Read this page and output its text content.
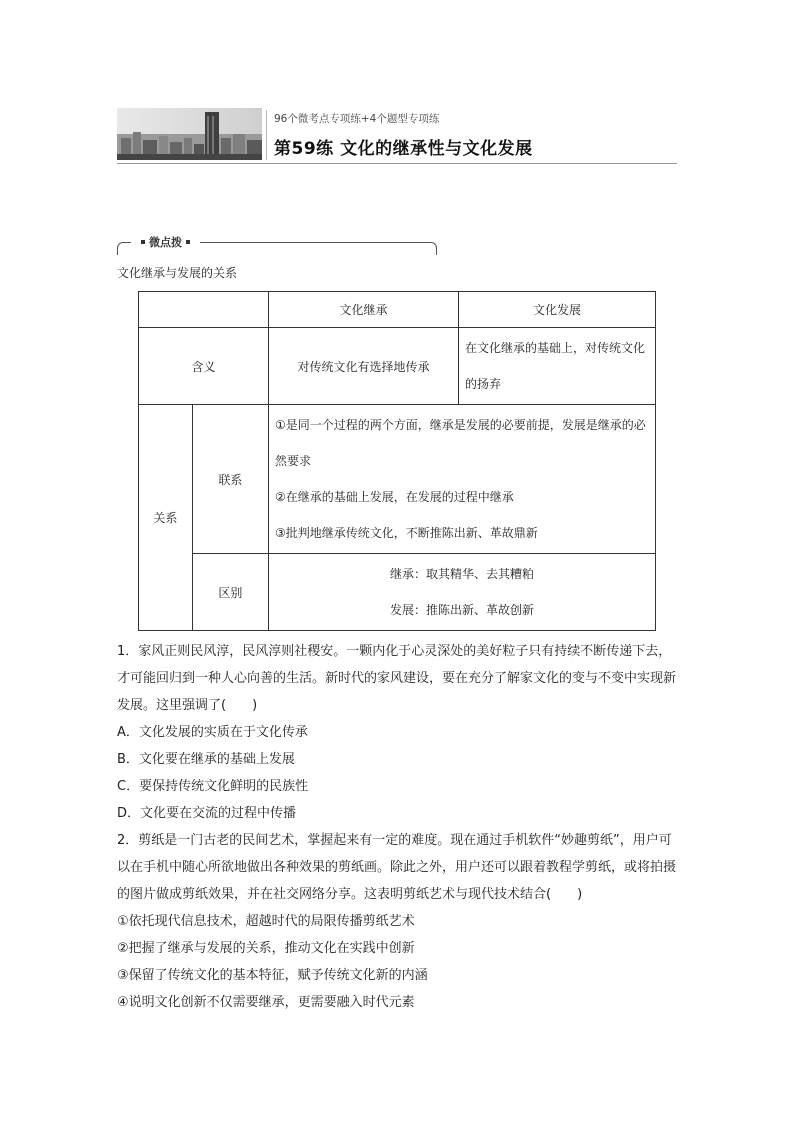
96个微考点专项练+4个题型专项练
第59练 文化的继承性与文化发展
微点拨
文化继承与发展的关系
		文化继承	文化发展
含义		对传统文化有选择地传承	在文化继承的基础上，对传统文化的扬弃
关系	联系	①是同一个过程的两个方面，继承是发展的必要前提，发展是继承的必然要求
②在继承的基础上发展，在发展的过程中继承
③批判地继承传统文化，不断推陈出新、革故鼎新	

	区别	继承：取其精华、去其糟粕
发展：推陈出新、革故创新	

1．家风正则民风淳，民风淳则社稷安。一颗内化于心灵深处的美好粒子只有持续不断传递下去，才可能回归到一种人心向善的生活。新时代的家风建设，要在充分了解家文化的变与不变中实现新发展。这里强调了(　　)

A．文化发展的实质在于文化传承

B．文化要在继承的基础上发展

C．要保持传统文化鲜明的民族性

D．文化要在交流的过程中传播

2．剪纸是一门古老的民间艺术，掌握起来有一定的难度。现在通过手机软件“妙趣剪纸”，用户可以在手机中随心所欲地做出各种效果的剪纸画。除此之外，用户还可以跟着教程学剪纸，或将拍摄的图片做成剪纸效果，并在社交网络分享。这表明剪纸艺术与现代技术结合(　　)

①依托现代信息技术，超越时代的局限传播剪纸艺术

②把握了继承与发展的关系，推动文化在实践中创新

③保留了传统文化的基本特征，赋予传统文化新的内涵

④说明文化创新不仅需要继承，更需要融入时代元素
